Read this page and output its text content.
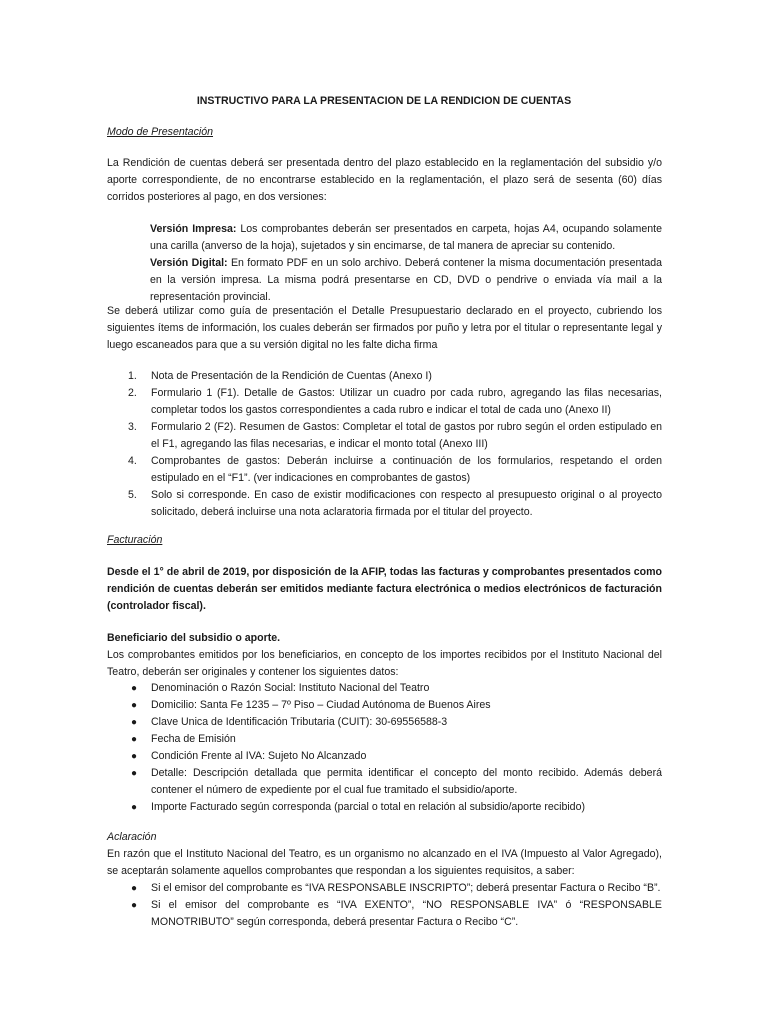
INSTRUCTIVO PARA LA PRESENTACION DE LA RENDICION DE CUENTAS
Modo de Presentación
La Rendición de cuentas deberá ser presentada dentro del plazo establecido en la reglamentación del subsidio y/o aporte correspondiente, de no encontrarse establecido en la reglamentación, el plazo será de sesenta (60) días corridos posteriores al pago, en dos versiones:
Versión Impresa: Los comprobantes deberán ser presentados en carpeta, hojas A4, ocupando solamente una carilla (anverso de la hoja), sujetados y sin encimarse, de tal manera de apreciar su contenido.
Versión Digital: En formato PDF en un solo archivo. Deberá contener la misma documentación presentada en la versión impresa. La misma podrá presentarse en CD, DVD o pendrive o enviada vía mail a la representación provincial.
Se deberá utilizar como guía de presentación el Detalle Presupuestario declarado en el proyecto, cubriendo los siguientes ítems de información, los cuales deberán ser firmados por puño y letra por el titular o representante legal y luego escaneados para que a su versión digital no les falte dicha firma
1. Nota de Presentación de la Rendición de Cuentas (Anexo I)
2. Formulario 1 (F1). Detalle de Gastos: Utilizar un cuadro por cada rubro, agregando las filas necesarias, completar todos los gastos correspondientes a cada rubro e indicar el total de cada uno (Anexo II)
3. Formulario 2 (F2). Resumen de Gastos: Completar el total de gastos por rubro según el orden estipulado en el F1, agregando las filas necesarias, e indicar el monto total (Anexo III)
4. Comprobantes de gastos: Deberán incluirse a continuación de los formularios, respetando el orden estipulado en el “F1”. (ver indicaciones en comprobantes de gastos)
5. Solo si corresponde. En caso de existir modificaciones con respecto al presupuesto original o al proyecto solicitado, deberá incluirse una nota aclaratoria firmada por el titular del proyecto.
Facturación
Desde el 1° de abril de 2019, por disposición de la AFIP, todas las facturas y comprobantes presentados como rendición de cuentas deberán ser emitidos mediante factura electrónica o medios electrónicos de facturación (controlador fiscal).
Beneficiario del subsidio o aporte.
Los comprobantes emitidos por los beneficiarios, en concepto de los importes recibidos por el Instituto Nacional del Teatro, deberán ser originales y contener los siguientes datos:
● Denominación o Razón Social: Instituto Nacional del Teatro
● Domicilio: Santa Fe 1235 – 7º Piso – Ciudad Autónoma de Buenos Aires
● Clave Unica de Identificación Tributaria (CUIT): 30-69556588-3
● Fecha de Emisión
● Condición Frente al IVA: Sujeto No Alcanzado
● Detalle: Descripción detallada que permita identificar el concepto del monto recibido. Además deberá contener el número de expediente por el cual fue tramitado el subsidio/aporte.
● Importe Facturado según corresponda (parcial o total en relación al subsidio/aporte recibido)
Aclaración
En razón que el Instituto Nacional del Teatro, es un organismo no alcanzado en el IVA (Impuesto al Valor Agregado), se aceptarán solamente aquellos comprobantes que respondan a los siguientes requisitos, a saber:
● Si el emisor del comprobante es “IVA RESPONSABLE INSCRIPTO”; deberá presentar Factura o Recibo “B”.
● Si el emisor del comprobante es “IVA EXENTO”, “NO RESPONSABLE IVA” ó “RESPONSABLE MONOTRIBUTO” según corresponda, deberá presentar Factura o Recibo “C”.
